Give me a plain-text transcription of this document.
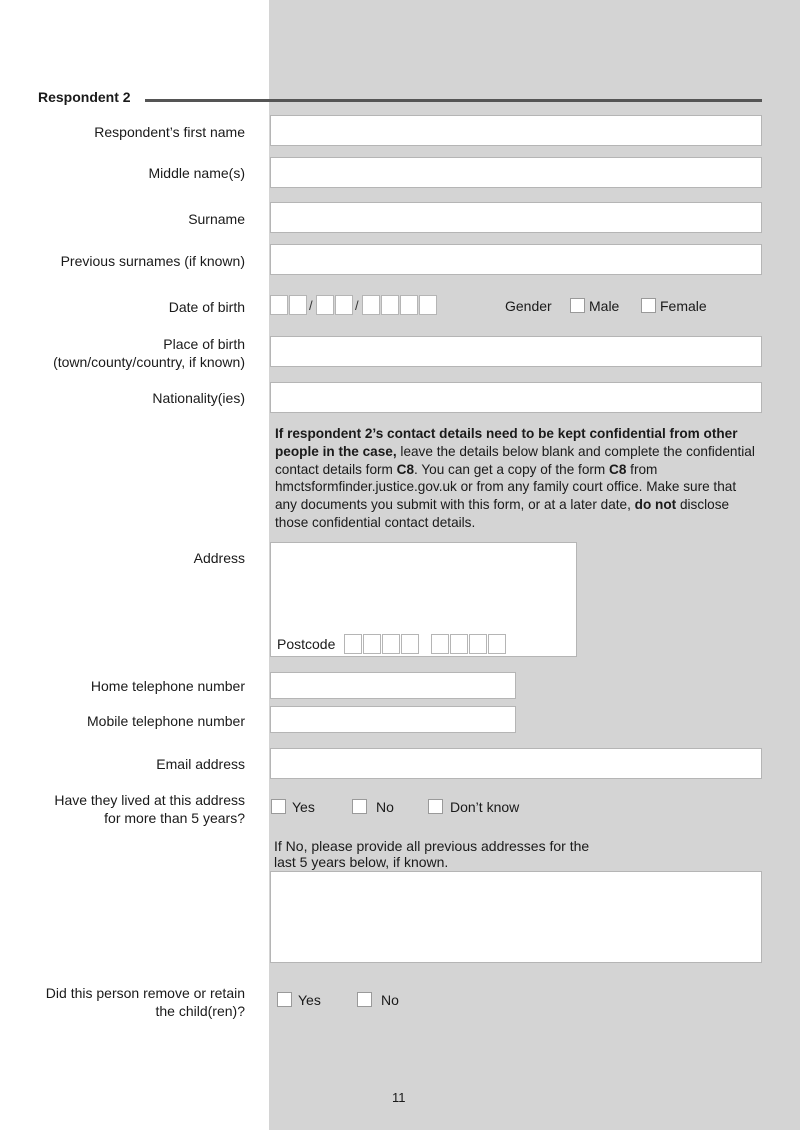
Respondent 2
Respondent’s first name
Middle name(s)
Surname
Previous surnames (if known)
Date of birth	/	/	Gender	Male	Female
Place of birth
(town/county/country, if known)
Nationality(ies)
If respondent 2’s contact details need to be kept confidential from other people in the case, leave the details below blank and complete the confidential contact details form C8. You can get a copy of the form C8 from hmctsformfinder.justice.gov.uk or from any family court office. Make sure that any documents you submit with this form, or at a later date, do not disclose those confidential contact details.
Address
Postcode
Home telephone number
Mobile telephone number
Email address
Have they lived at this address
for more than 5 years?
Yes	No	Don’t know
If No, please provide all previous addresses for the
last 5 years below, if known.
Did this person remove or retain
the child(ren)?
Yes	No
11
